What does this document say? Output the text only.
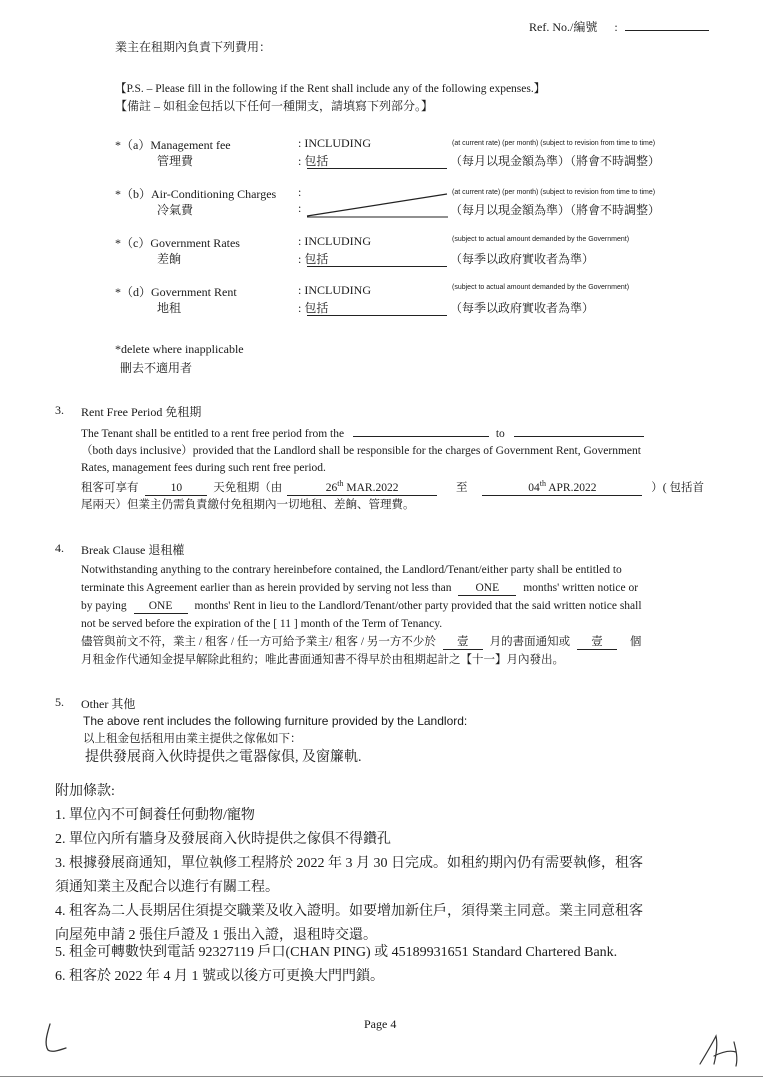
Ref. No./編號 :
業主在租期內負責下列費用：
【P.S. – Please fill in the following if the Rent shall include any of the following expenses.】
【備註 – 如租金包括以下任何一種開支，請填寫下列部分。】
*（a）Management fee
管理費
: INCLUDING
: 包括
(at current rate) (per month) (subject to revision from time to time)
（每月以現金額為準）（將會不時調整）
*（b）Air-Conditioning Charges
冷氣費
:
:
(at current rate) (per month) (subject to revision from time to time)
（每月以現金額為準）（將會不時調整）
*（c）Government Rates
差餉
: INCLUDING
: 包括
(subject to actual amount demanded by the Government)
（每季以政府實收者為準）
*（d）Government Rent
地租
: INCLUDING
: 包括
(subject to actual amount demanded by the Government)
（每季以政府實收者為準）
*delete where inapplicable
刪去不適用者
3. Rent Free Period 免租期
The Tenant shall be entitled to a rent free period from the	to
（both days inclusive）provided that the Landlord shall be responsible for the charges of Government Rent, Government
Rates, management fees during such rent free period.
租客可享有	10	天免租期（由	26th MAR.2022	至	04th APR.2022	）( 包括首
尾兩天）但業主仍需負責繳付免租期內一切地租、差餉、管理費。
4. Break Clause 退租權
Notwithstanding anything to the contrary hereinbefore contained, the Landlord/Tenant/either party shall be entitled to
terminate this Agreement earlier than as herein provided by serving not less than ONE months' written notice or
by paying ONE months' Rent in lieu to the Landlord/Tenant/other party provided that the said written notice shall
not be served before the expiration of the [ 11 ] month of the Term of Tenancy.
儘管與前文不符，業主 / 租客 / 任一方可給予業主/ 租客 / 另一方不少於 壹 月的書面通知或 壹 個
月租金作代通知金提早解除此租約；唯此書面通知書不得早於由租期起計之【十一】月內發出。
5. Other 其他
The above rent includes the following furniture provided by the Landlord:
以上租金包括租用由業主提供之傢俬如下：
提供發展商入伙時提供之電器傢俱, 及窗簾軌.
附加條款:
1. 單位內不可飼養任何動物/寵物
2. 單位內所有牆身及發展商入伙時提供之傢俱不得鑽孔
3. 根據發展商通知，單位執修工程將於 2022 年 3 月 30 日完成。如租約期內仍有需要執修，租客
須通知業主及配合以進行有關工程。
4. 租客為二人長期居住須提交職業及收入證明。如要增加新住戶，須得業主同意。業主同意租客
向屋苑申請 2 張住戶證及 1 張出入證，退租時交還。
5. 租金可轉數快到電話 92327119 戶口(CHAN PING) 或 45189931651 Standard Chartered Bank.
6. 租客於 2022 年 4 月 1 號或以後方可更換大門門鎖。
Page 4
